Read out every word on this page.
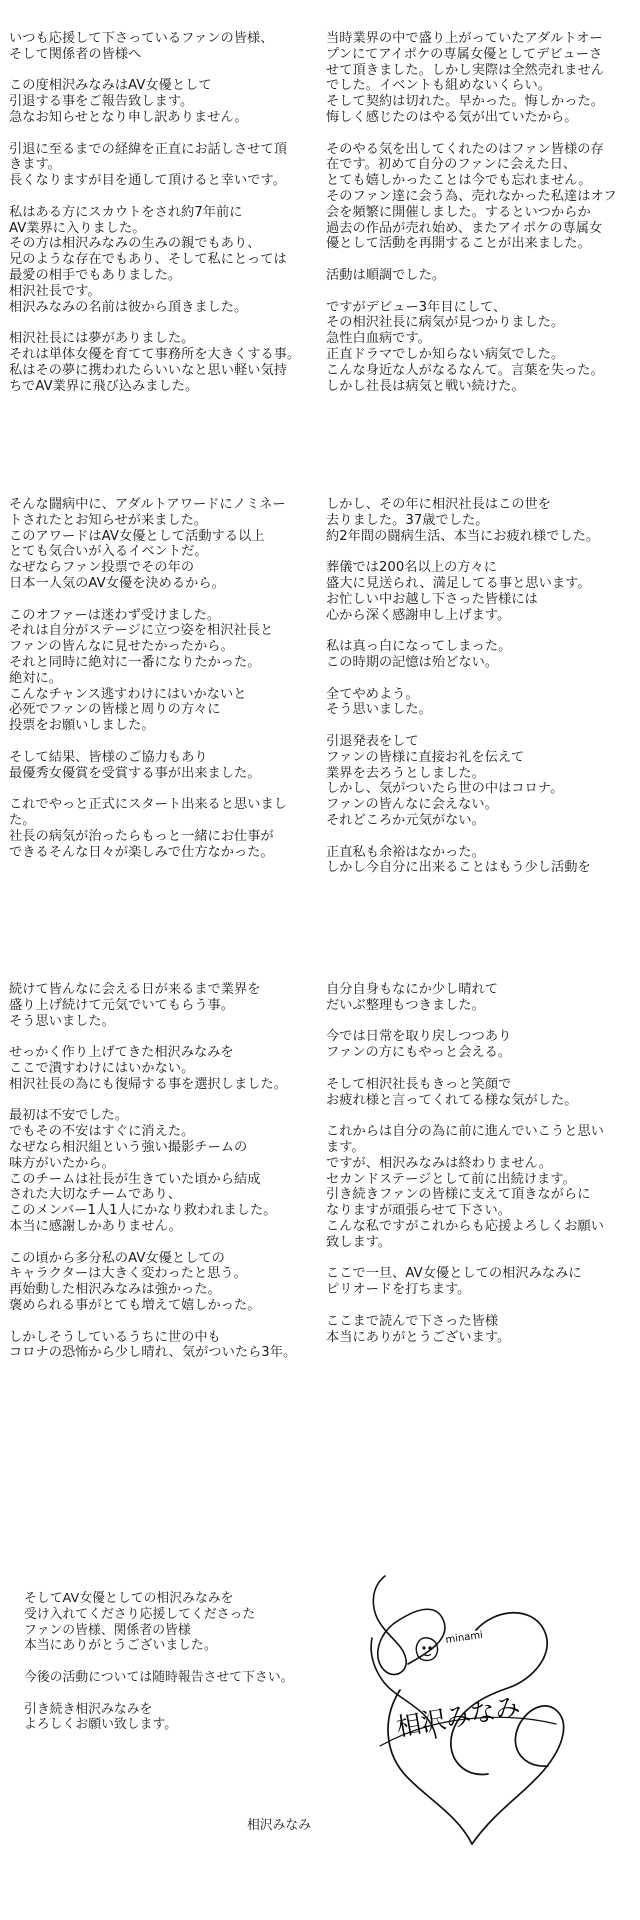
いつも応援して下さっているファンの皆様、
そして関係者の皆様へ

この度相沢みなみはAV女優として
引退する事をご報告致します。
急なお知らせとなり申し訳ありません。

引退に至るまでの経緯を正直にお話しさせて頂
きます。
長くなりますが目を通して頂けると幸いです。

私はある方にスカウトをされ約7年前に
AV業界に入りました。
その方は相沢みなみの生みの親でもあり、
兄のような存在でもあり、そして私にとっては
最愛の相手でもありました。
相沢社長です。
相沢みなみの名前は彼から頂きました。

相沢社長には夢がありました。
それは単体女優を育てて事務所を大きくする事。
私はその夢に携われたらいいなと思い軽い気持
ちでAV業界に飛び込みました。

当時業界の中で盛り上がっていたアダルトオー
プンにてアイポケの専属女優としてデビューさ
せて頂きました。しかし実際は全然売れません
でした。イベントも組めないくらい。
そして契約は切れた。早かった。悔しかった。
悔しく感じたのはやる気が出ていたから。

そのやる気を出してくれたのはファン皆様の存
在です。初めて自分のファンに会えた日、
とても嬉しかったことは今でも忘れません。
そのファン達に会う為、売れなかった私達はオフ
会を頻繁に開催しました。するといつからか
過去の作品が売れ始め、またアイポケの専属女
優として活動を再開することが出来ました。

活動は順調でした。

ですがデビュー3年目にして、
その相沢社長に病気が見つかりました。
急性白血病です。
正直ドラマでしか知らない病気でした。
こんな身近な人がなるなんて。言葉を失った。
しかし社長は病気と戦い続けた。

そんな闘病中に、アダルトアワードにノミネー
トされたとお知らせが来ました。
このアワードはAV女優として活動する以上
とても気合いが入るイベントだ。
なぜならファン投票でその年の
日本一人気のAV女優を決めるから。

このオファーは迷わず受けました。
それは自分がステージに立つ姿を相沢社長と
ファンの皆んなに見せたかったから。
それと同時に絶対に一番になりたかった。
絶対に。
こんなチャンス逃すわけにはいかないと
必死でファンの皆様と周りの方々に
投票をお願いしました。

そして結果、皆様のご協力もあり
最優秀女優賞を受賞する事が出来ました。

これでやっと正式にスタート出来ると思いまし
た。
社長の病気が治ったらもっと一緒にお仕事が
できるそんな日々が楽しみで仕方なかった。

しかし、その年に相沢社長はこの世を
去りました。37歳でした。
約2年間の闘病生活、本当にお疲れ様でした。

葬儀では200名以上の方々に
盛大に見送られ、満足してる事と思います。
お忙しい中お越し下さった皆様には
心から深く感謝申し上げます。

私は真っ白になってしまった。
この時期の記憶は殆どない。

全てやめよう。
そう思いました。

引退発表をして
ファンの皆様に直接お礼を伝えて
業界を去ろうとしました。
しかし、気がついたら世の中はコロナ。
ファンの皆んなに会えない。
それどころか元気がない。

正直私も余裕はなかった。
しかし今自分に出来ることはもう少し活動を

続けて皆んなに会える日が来るまで業界を
盛り上げ続けて元気でいてもらう事。
そう思いました。

せっかく作り上げてきた相沢みなみを
ここで潰すわけにはいかない。
相沢社長の為にも復帰する事を選択しました。

最初は不安でした。
でもその不安はすぐに消えた。
なぜなら相沢組という強い撮影チームの
味方がいたから。
このチームは社長が生きていた頃から結成
された大切なチームであり、
このメンバー1人1人にかなり救われました。
本当に感謝しかありません。

この頃から多分私のAV女優としての
キャラクターは大きく変わったと思う。
再始動した相沢みなみは強かった。
褒められる事がとても増えて嬉しかった。

しかしそうしているうちに世の中も
コロナの恐怖から少し晴れ、気がついたら3年。

自分自身もなにか少し晴れて
だいぶ整理もつきました。

今では日常を取り戻しつつあり
ファンの方にもやっと会える。

そして相沢社長もきっと笑顔で
お疲れ様と言ってくれてる様な気がした。

これからは自分の為に前に進んでいこうと思い
ます。
ですが、相沢みなみは終わりません。
セカンドステージとして前に出続けます。
引き続きファンの皆様に支えて頂きながらに
なりますが頑張らせて下さい。
こんな私ですがこれからも応援よろしくお願い
致します。

ここで一旦、AV女優としての相沢みなみに
ピリオードを打ちます。

ここまで読んで下さった皆様
本当にありがとうございます。

そしてAV女優としての相沢みなみを
受け入れてくださり応援してくださった
ファンの皆様、関係者の皆様
本当にありがとうございました。

今後の活動については随時報告させて下さい。

引き続き相沢みなみを
よろしくお願い致します。

相沢みなみ
minami
相沢みなみ
